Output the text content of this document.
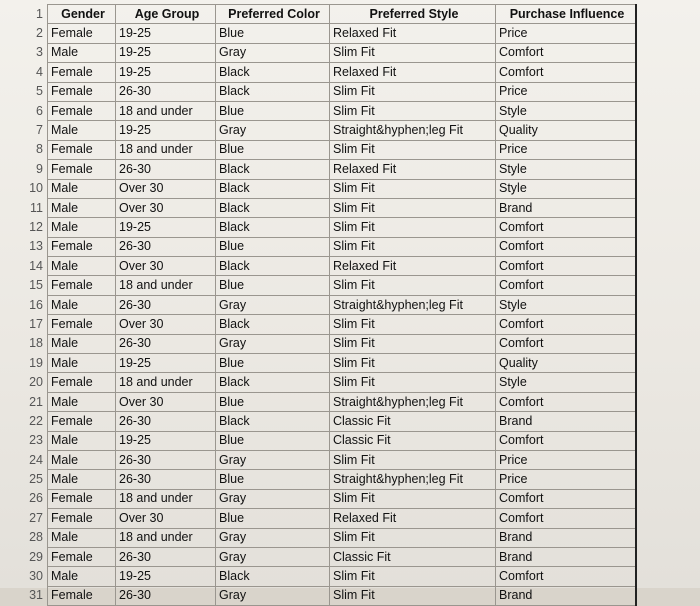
1	Gender	Age Group	Preferred Color	Preferred Style	Purchase Influence
2	Female	19-25	Blue	Relaxed Fit	Price
3	Male	19-25	Gray	Slim Fit	Comfort
4	Female	19-25	Black	Relaxed Fit	Comfort
5	Female	26-30	Black	Slim Fit	Price
6	Female	18 and under	Blue	Slim Fit	Style
7	Male	19-25	Gray	Straight&hyphen;leg Fit	Quality
8	Female	18 and under	Blue	Slim Fit	Price
9	Female	26-30	Black	Relaxed Fit	Style
10	Male	Over 30	Black	Slim Fit	Style
11	Male	Over 30	Black	Slim Fit	Brand
12	Male	19-25	Black	Slim Fit	Comfort
13	Female	26-30	Blue	Slim Fit	Comfort
14	Male	Over 30	Black	Relaxed Fit	Comfort
15	Female	18 and under	Blue	Slim Fit	Comfort
16	Male	26-30	Gray	Straight&hyphen;leg Fit	Style
17	Female	Over 30	Black	Slim Fit	Comfort
18	Male	26-30	Gray	Slim Fit	Comfort
19	Male	19-25	Blue	Slim Fit	Quality
20	Female	18 and under	Black	Slim Fit	Style
21	Male	Over 30	Blue	Straight&hyphen;leg Fit	Comfort
22	Female	26-30	Black	Classic Fit	Brand
23	Male	19-25	Blue	Classic Fit	Comfort
24	Male	26-30	Gray	Slim Fit	Price
25	Male	26-30	Blue	Straight&hyphen;leg Fit	Price
26	Female	18 and under	Gray	Slim Fit	Comfort
27	Female	Over 30	Blue	Relaxed Fit	Comfort
28	Male	18 and under	Gray	Slim Fit	Brand
29	Female	26-30	Gray	Classic Fit	Brand
30	Male	19-25	Black	Slim Fit	Comfort
31	Female	26-30	Gray	Slim Fit	Brand
